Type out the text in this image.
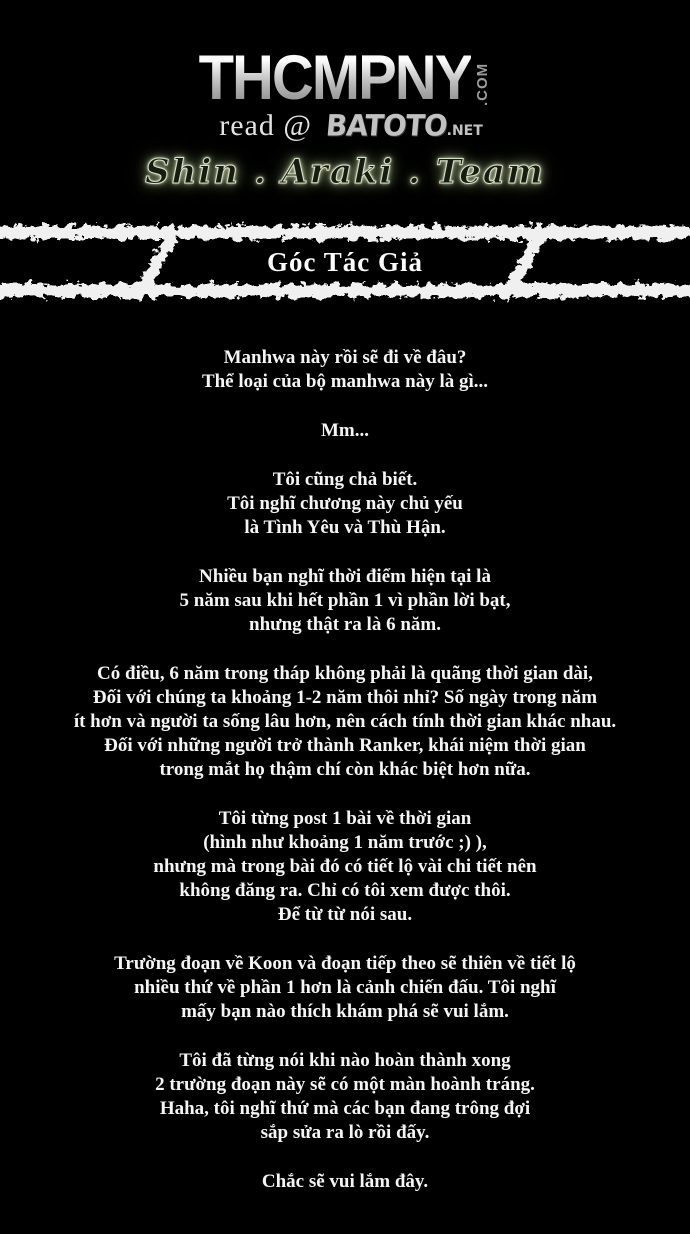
THCMPNY .COM
read @ BATOTO.NET
Shin . Araki . Team
Góc Tác Giả

Manhwa này rồi sẽ đi về đâu?
Thể loại của bộ manhwa này là gì...

Mm...

Tôi cũng chả biết.
Tôi nghĩ chương này chủ yếu
là Tình Yêu và Thù Hận.

Nhiều bạn nghĩ thời điểm hiện tại là
5 năm sau khi hết phần 1 vì phần lời bạt,
nhưng thật ra là 6 năm.

Có điều, 6 năm trong tháp không phải là quãng thời gian dài,
Đối với chúng ta khoảng 1-2 năm thôi nhỉ? Số ngày trong năm
ít hơn và người ta sống lâu hơn, nên cách tính thời gian khác nhau.
Đối với những người trở thành Ranker, khái niệm thời gian
trong mắt họ thậm chí còn khác biệt hơn nữa.

Tôi từng post 1 bài về thời gian
(hình như khoảng 1 năm trước ;) ),
nhưng mà trong bài đó có tiết lộ vài chi tiết nên
không đăng ra. Chỉ có tôi xem được thôi.
Để từ từ nói sau.

Trường đoạn về Koon và đoạn tiếp theo sẽ thiên về tiết lộ
nhiều thứ về phần 1 hơn là cảnh chiến đấu. Tôi nghĩ
mấy bạn nào thích khám phá sẽ vui lắm.

Tôi đã từng nói khi nào hoàn thành xong
2 trường đoạn này sẽ có một màn hoành tráng.
Haha, tôi nghĩ thứ mà các bạn đang trông đợi
sắp sửa ra lò rồi đấy.

Chắc sẽ vui lắm đây.
